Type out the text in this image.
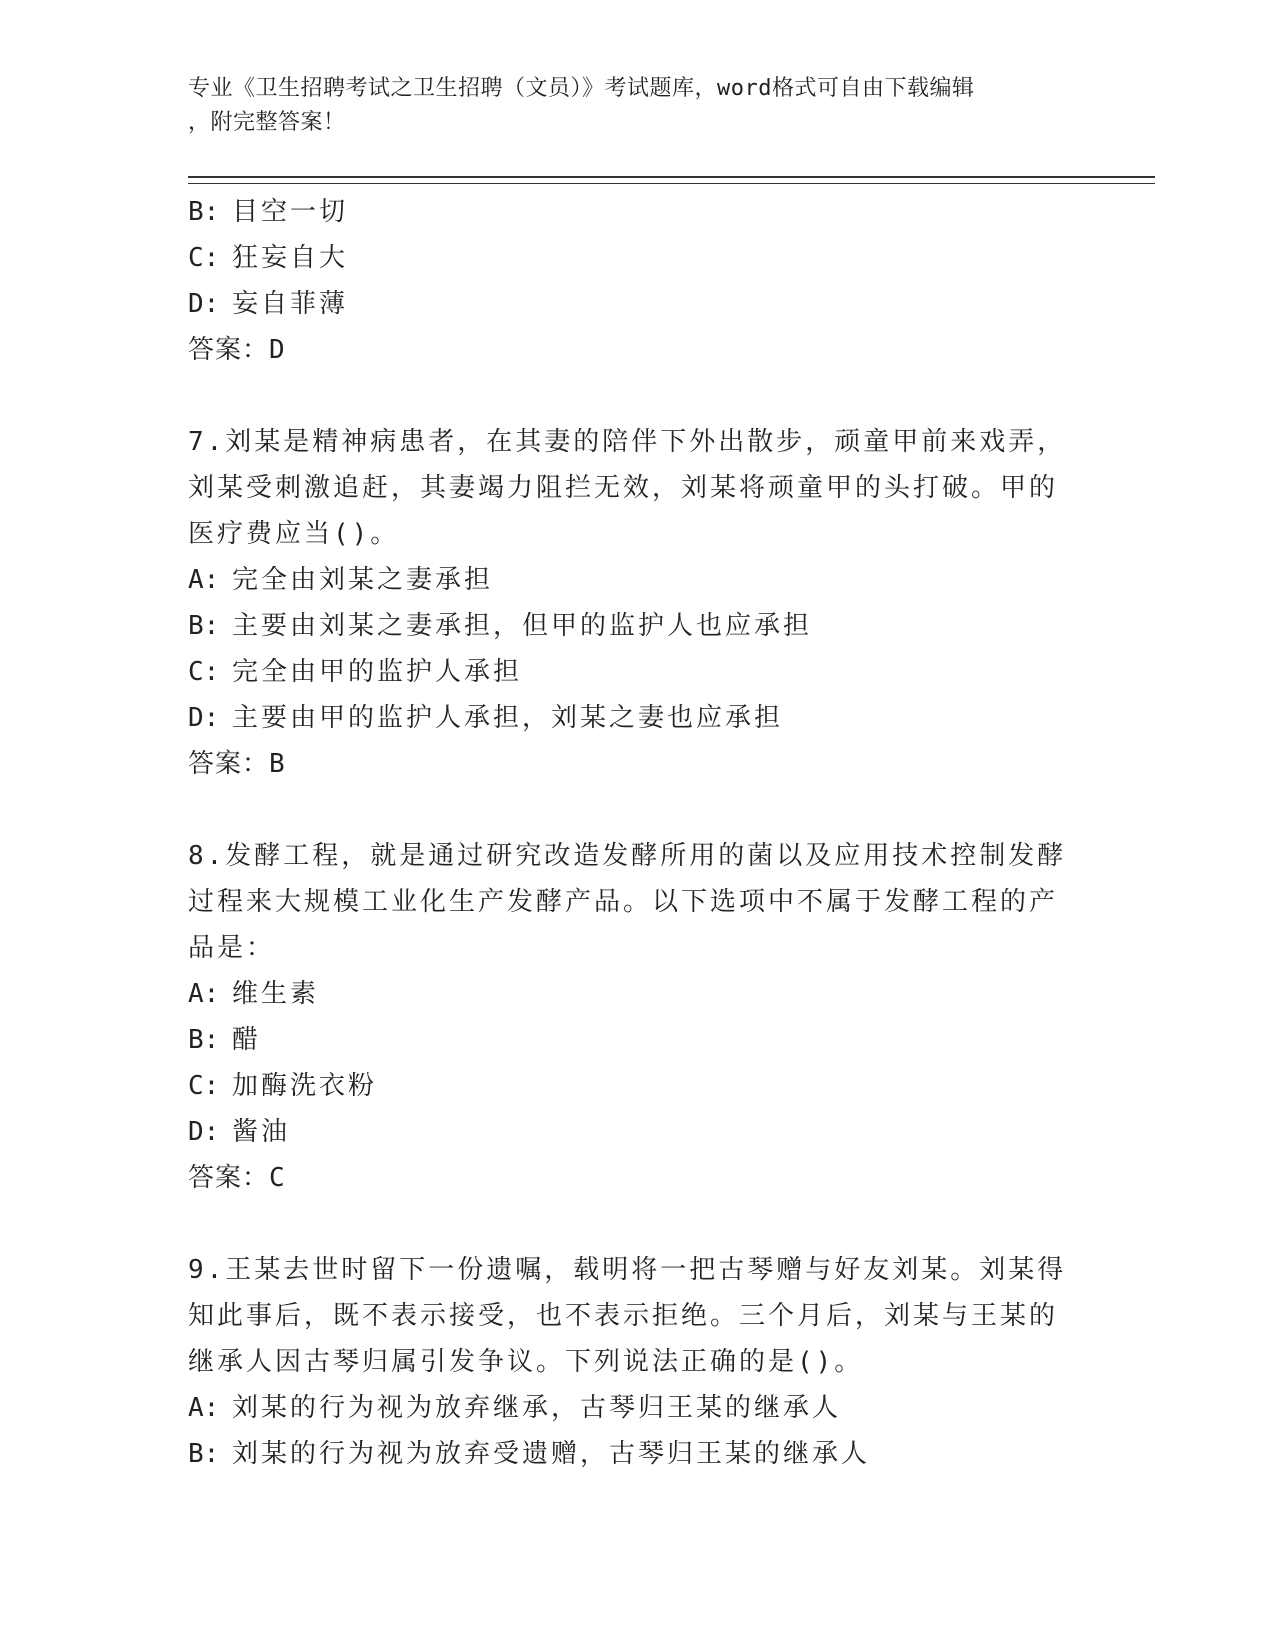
专业《卫生招聘考试之卫生招聘（文员）》考试题库，word格式可自由下载编辑
，附完整答案！

B: 目空一切

C: 狂妄自大

D: 妄自菲薄

答案：D

7.刘某是精神病患者，在其妻的陪伴下外出散步，顽童甲前来戏弄，

刘某受刺激追赶，其妻竭力阻拦无效，刘某将顽童甲的头打破。甲的

医疗费应当()。

A: 完全由刘某之妻承担

B: 主要由刘某之妻承担，但甲的监护人也应承担

C: 完全由甲的监护人承担

D: 主要由甲的监护人承担，刘某之妻也应承担

答案：B

8.发酵工程，就是通过研究改造发酵所用的菌以及应用技术控制发酵

过程来大规模工业化生产发酵产品。以下选项中不属于发酵工程的产

品是：

A: 维生素

B: 醋

C: 加酶洗衣粉

D: 酱油

答案：C

9.王某去世时留下一份遗嘱，载明将一把古琴赠与好友刘某。刘某得

知此事后，既不表示接受，也不表示拒绝。三个月后，刘某与王某的

继承人因古琴归属引发争议。下列说法正确的是()。

A: 刘某的行为视为放弃继承，古琴归王某的继承人

B: 刘某的行为视为放弃受遗赠，古琴归王某的继承人
